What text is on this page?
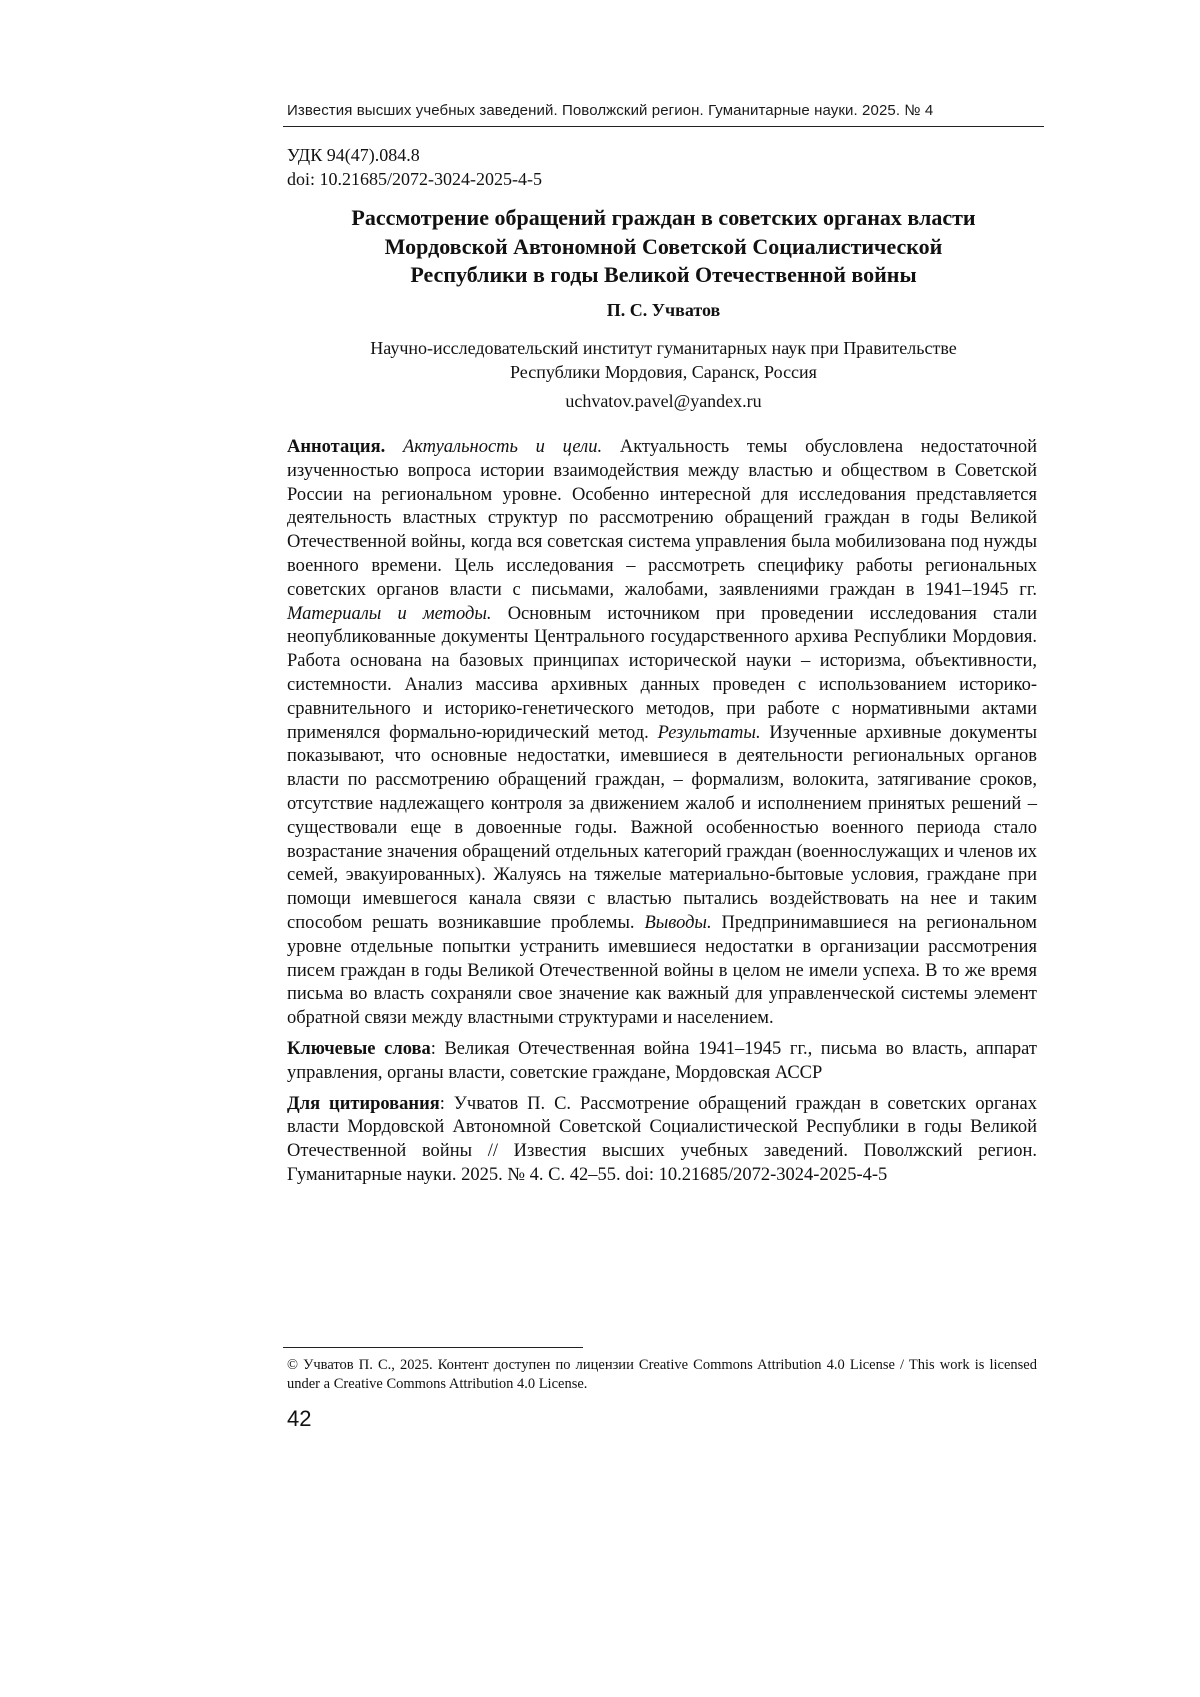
Известия высших учебных заведений. Поволжский регион. Гуманитарные науки. 2025. № 4
УДК 94(47).084.8
doi: 10.21685/2072-3024-2025-4-5
Рассмотрение обращений граждан в советских органах власти
Мордовской Автономной Советской Социалистической
Республики в годы Великой Отечественной войны
П. С. Учватов
Научно-исследовательский институт гуманитарных наук при Правительстве
Республики Мордовия, Саранск, Россия
uchvatov.pavel@yandex.ru

Аннотация. Актуальность и цели. Актуальность темы обусловлена недостаточной изученностью вопроса истории взаимодействия между властью и обществом в Советской России на региональном уровне. Особенно интересной для исследования представляется деятельность властных структур по рассмотрению обращений граждан в годы Великой Отечественной войны, когда вся советская система управления была мобилизована под нужды военного времени. Цель исследования – рассмотреть специфику работы региональных советских органов власти с письмами, жалобами, заявлениями граждан в 1941–1945 гг. Материалы и методы. Основным источником при проведении исследования стали неопубликованные документы Центрального государственного архива Республики Мордовия. Работа основана на базовых принципах исторической науки – историзма, объективности, системности. Анализ массива архивных данных проведен с использованием историко-сравнительного и историко-генетического методов, при работе с нормативными актами применялся формально-юридический метод. Результаты. Изученные архивные документы показывают, что основные недостатки, имевшиеся в деятельности региональных органов власти по рассмотрению обращений граждан, – формализм, волокита, затягивание сроков, отсутствие надлежащего контроля за движением жалоб и исполнением принятых решений – существовали еще в довоенные годы. Важной особенностью военного периода стало возрастание значения обращений отдельных категорий граждан (военнослужащих и членов их семей, эвакуированных). Жалуясь на тяжелые материально-бытовые условия, граждане при помощи имевшегося канала связи с властью пытались воздействовать на нее и таким способом решать возникавшие проблемы. Выводы. Предпринимавшиеся на региональном уровне отдельные попытки устранить имевшиеся недостатки в организации рассмотрения писем граждан в годы Великой Отечественной войны в целом не имели успеха. В то же время письма во власть сохраняли свое значение как важный для управленческой системы элемент обратной связи между властными структурами и населением.

Ключевые слова: Великая Отечественная война 1941–1945 гг., письма во власть, аппарат управления, органы власти, советские граждане, Мордовская АССР

Для цитирования: Учватов П. С. Рассмотрение обращений граждан в советских органах власти Мордовской Автономной Советской Социалистической Республики в годы Великой Отечественной войны // Известия высших учебных заведений. Поволжский регион. Гуманитарные науки. 2025. № 4. С. 42–55. doi: 10.21685/2072-3024-2025-4-5

© Учватов П. С., 2025. Контент доступен по лицензии Creative Commons Attribution 4.0 License / This work is licensed under a Creative Commons Attribution 4.0 License.

42
